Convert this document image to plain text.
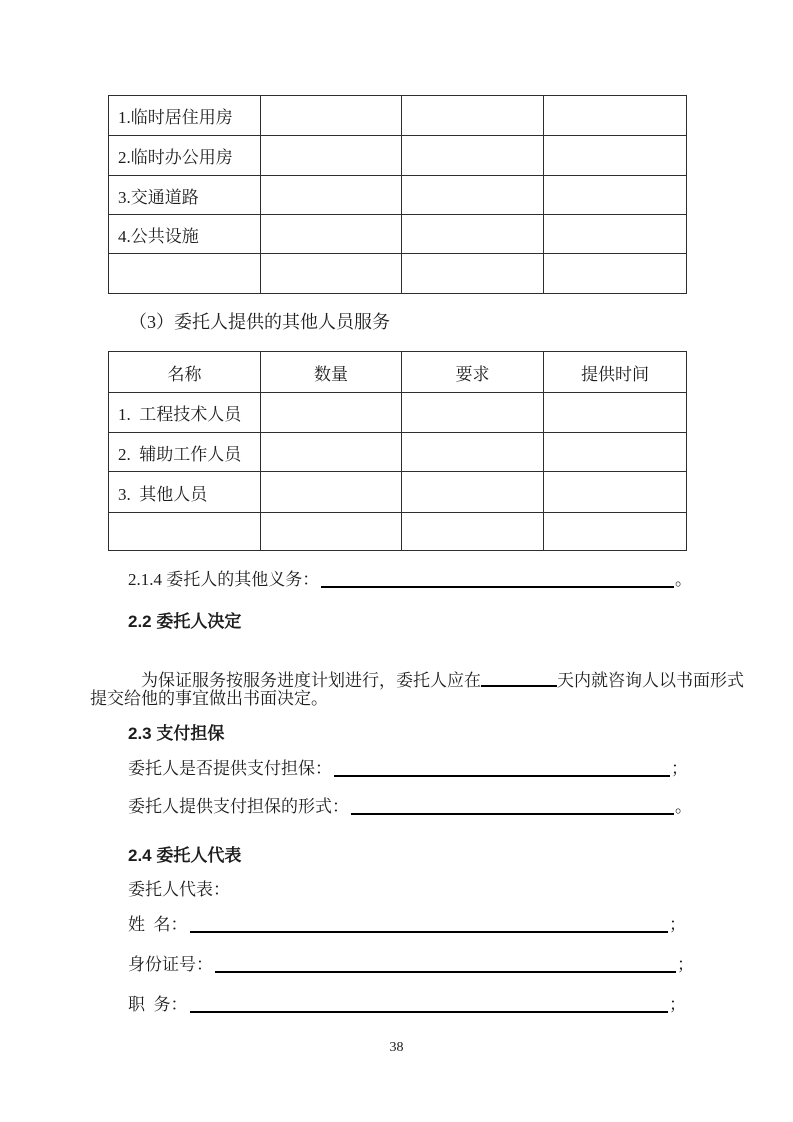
1.临时居住用房			
2.临时办公用房			
3.交通道路			
4.公共设施			

（3）委托人提供的其他人员服务
名称	数量	要求	提供时间
1.  工程技术人员			
2.  辅助工作人员			
3.  其他人员			

2.1.4 委托人的其他义务：	。
2.2 委托人决定

为保证服务按服务进度计划进行，委托人应在	天内就咨询人以书面形式

提交给他的事宜做出书面决定。
2.3 支付担保
委托人是否提供支付担保：	；
委托人提供支付担保的形式：	。
2.4 委托人代表
委托人代表：
姓  名：	；
身份证号：	；
职  务：	；
38
